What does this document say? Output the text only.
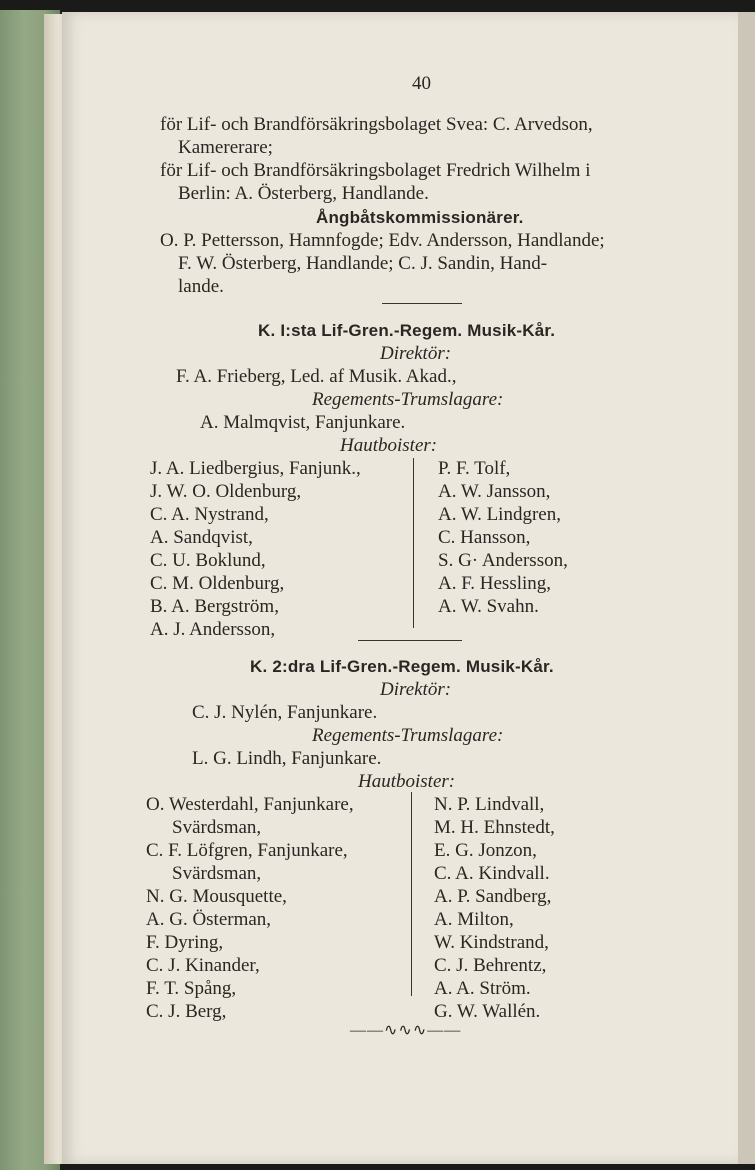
40
för Lif- och Brandförsäkringsbolaget Svea: C. Arvedson,
Kamererare;
för Lif- och Brandförsäkringsbolaget Fredrich Wilhelm i
Berlin: A. Österberg, Handlande.
Ångbåtskommissionärer.
O. P. Pettersson, Hamnfogde; Edv. Andersson, Handlande;
F. W. Österberg, Handlande; C. J. Sandin, Hand-
lande.
K. I:sta Lif-Gren.-Regem. Musik-Kår.
Direktör:
F. A. Frieberg, Led. af Musik. Akad.,
Regements-Trumslagare:
A. Malmqvist, Fanjunkare.
Hautboister:
J. A. Liedbergius, Fanjunk.,
J. W. O. Oldenburg,
C. A. Nystrand,
A. Sandqvist,
C. U. Boklund,
C. M. Oldenburg,
B. A. Bergström,
A. J. Andersson,
P. F. Tolf,
A. W. Jansson,
A. W. Lindgren,
C. Hansson,
S. G· Andersson,
A. F. Hessling,
A. W. Svahn.
K. 2:dra Lif-Gren.-Regem. Musik-Kår.
Direktör:
C. J. Nylén, Fanjunkare.
Regements-Trumslagare:
L. G. Lindh, Fanjunkare.
Hautboister:
O. Westerdahl, Fanjunkare,
Svärdsman,
C. F. Löfgren, Fanjunkare,
Svärdsman,
N. G. Mousquette,
A. G. Österman,
F. Dyring,
C. J. Kinander,
F. T. Spång,
C. J. Berg,
N. P. Lindvall,
M. H. Ehnstedt,
E. G. Jonzon,
C. A. Kindvall.
A. P. Sandberg,
A. Milton,
W. Kindstrand,
C. J. Behrentz,
A. A. Ström.
G. W. Wallén.
——∿∿∿——
